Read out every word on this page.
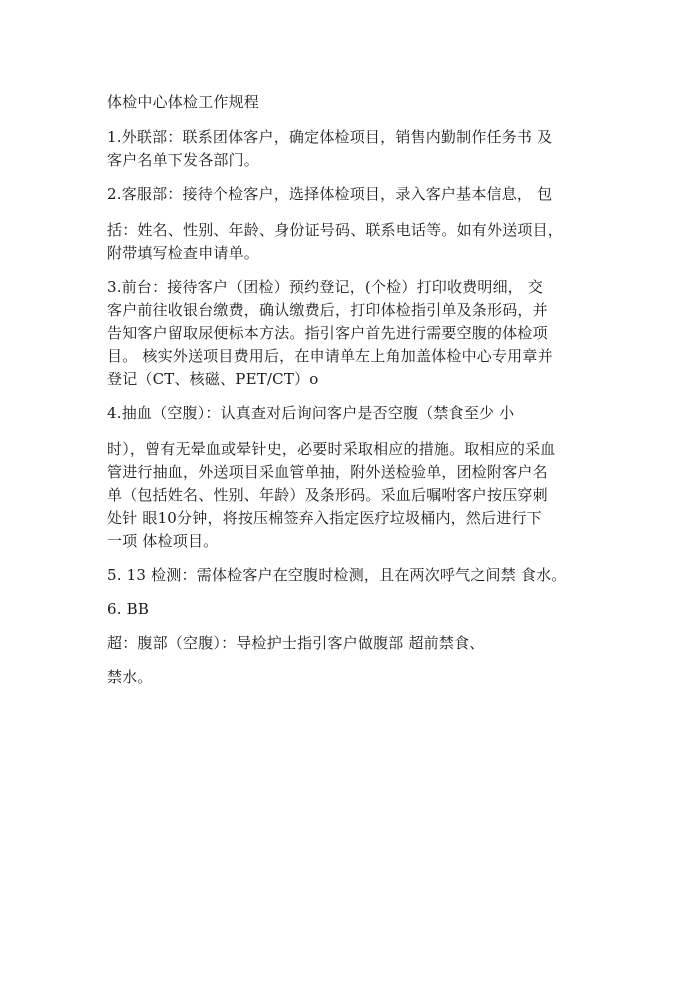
体检中心体检工作规程
1.外联部：联系团体客户，确定体检项目，销售内勤制作任务书 及
客户名单下发各部门。
2.客服部：接待个检客户，选择体检项目，录入客户基本信息， 包
括：姓名、性别、年龄、身份证号码、联系电话等。如有外送项目，
附带填写检查申请单。
3.前台：接待客户（团检）预约登记，(个检）打印收费明细， 交
客户前往收银台缴费，确认缴费后，打印体检指引单及条形码，并
告知客户留取尿便标本方法。指引客户首先进行需要空腹的体检项
目。 核实外送项目费用后，在申请单左上角加盖体检中心专用章并
登记（CT、核磁、PET/CT）o
4.抽血（空腹）：认真查对后询问客户是否空腹（禁食至少 小
时），曾有无晕血或晕针史，必要时采取相应的措施。取相应的采血
管进行抽血，外送项目采血管单抽，附外送检验单，团检附客户名
单（包括姓名、性别、年龄）及条形码。采血后嘱咐客户按压穿刺
处针 眼10分钟，将按压棉签弃入指定医疗垃圾桶内，然后进行下
一项 体检项目。
5. 13 检测：需体检客户在空腹时检测，且在两次呼气之间禁 食水。
6. BB
超：腹部（空腹）：导检护士指引客户做腹部 超前禁食、
禁水。
